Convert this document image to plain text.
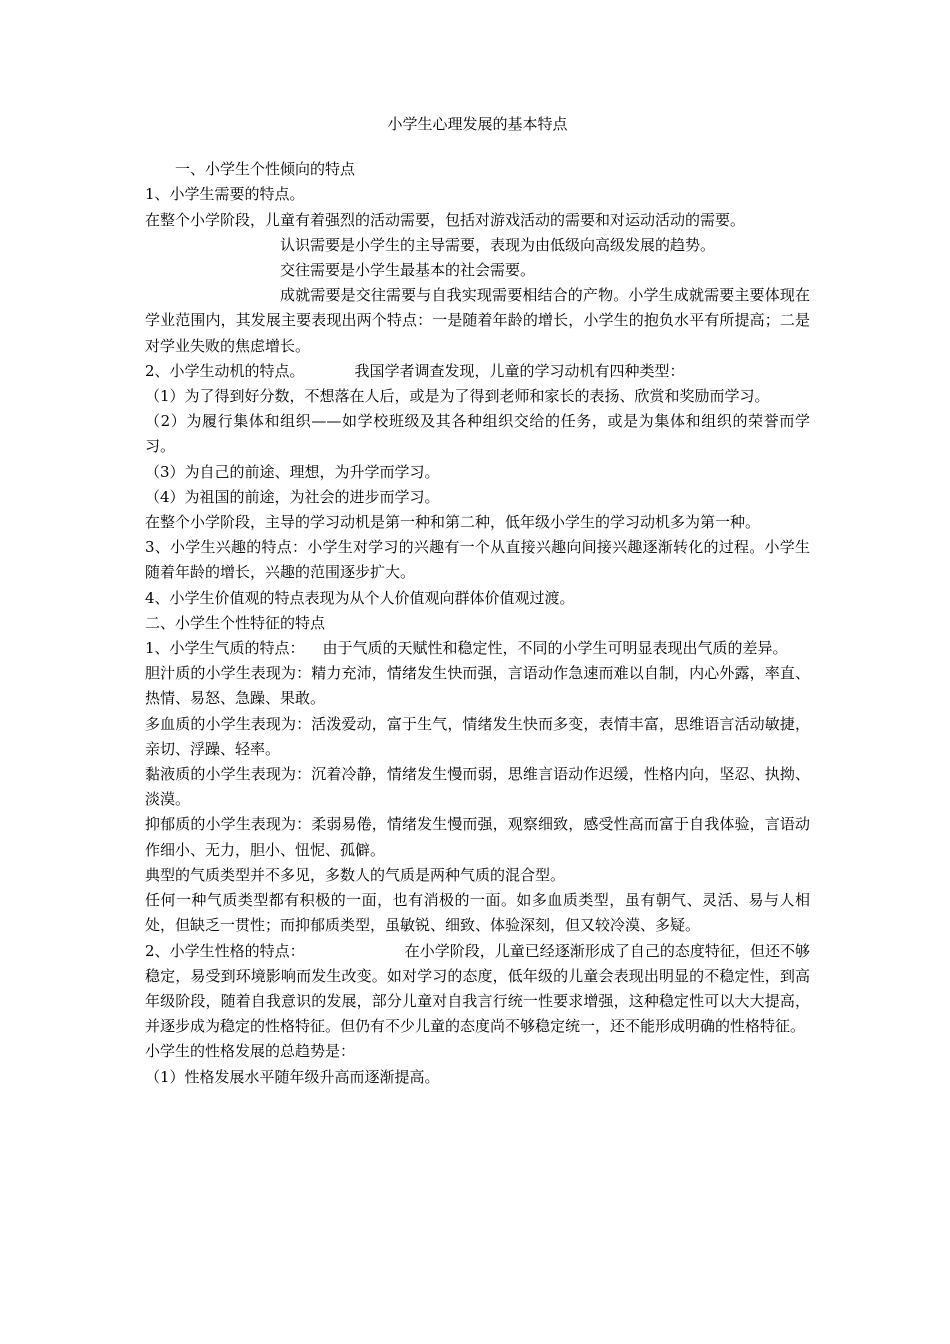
小学生心理发展的基本特点

一、小学生个性倾向的特点

1、小学生需要的特点。

在整个小学阶段，儿童有着强烈的活动需要，包括对游戏活动的需要和对运动活动的需要。

认识需要是小学生的主导需要，表现为由低级向高级发展的趋势。

交往需要是小学生最基本的社会需要。

成就需要是交往需要与自我实现需要相结合的产物。小学生成就需要主要体现在学业范围内，其发展主要表现出两个特点：一是随着年龄的增长，小学生的抱负水平有所提高；二是对学业失败的焦虑增长。

2、小学生动机的特点。	我国学者调查发现，儿童的学习动机有四种类型：

（1）为了得到好分数，不想落在人后，或是为了得到老师和家长的表扬、欣赏和奖励而学习。

（2）为履行集体和组织——如学校班级及其各种组织交给的任务，或是为集体和组织的荣誉而学习。

（3）为自己的前途、理想，为升学而学习。

（4）为祖国的前途，为社会的进步而学习。

在整个小学阶段，主导的学习动机是第一种和第二种，低年级小学生的学习动机多为第一种。

3、小学生兴趣的特点：小学生对学习的兴趣有一个从直接兴趣向间接兴趣逐渐转化的过程。小学生随着年龄的增长，兴趣的范围逐步扩大。

4、小学生价值观的特点表现为从个人价值观向群体价值观过渡。

二、小学生个性特征的特点

1、小学生气质的特点： 由于气质的天赋性和稳定性，不同的小学生可明显表现出气质的差异。

胆汁质的小学生表现为：精力充沛，情绪发生快而强，言语动作急速而难以自制，内心外露，率直、热情、易怒、急躁、果敢。

多血质的小学生表现为：活泼爱动，富于生气，情绪发生快而多变，表情丰富，思维语言活动敏捷，亲切、浮躁、轻率。

黏液质的小学生表现为：沉着冷静，情绪发生慢而弱，思维言语动作迟缓，性格内向，坚忍、执拗、淡漠。

抑郁质的小学生表现为：柔弱易倦，情绪发生慢而强，观察细致，感受性高而富于自我体验，言语动作细小、无力，胆小、忸怩、孤僻。

典型的气质类型并不多见，多数人的气质是两种气质的混合型。

任何一种气质类型都有积极的一面，也有消极的一面。如多血质类型，虽有朝气、灵活、易与人相处，但缺乏一贯性；而抑郁质类型，虽敏锐、细致、体验深刻，但又较冷漠、多疑。

2、小学生性格的特点：	在小学阶段，儿童已经逐渐形成了自己的态度特征，但还不够稳定，易受到环境影响而发生改变。如对学习的态度，低年级的儿童会表现出明显的不稳定性，到高年级阶段，随着自我意识的发展，部分儿童对自我言行统一性要求增强，这种稳定性可以大大提高，并逐步成为稳定的性格特征。但仍有不少儿童的态度尚不够稳定统一，还不能形成明确的性格特征。

小学生的性格发展的总趋势是：

（1）性格发展水平随年级升高而逐渐提高。
